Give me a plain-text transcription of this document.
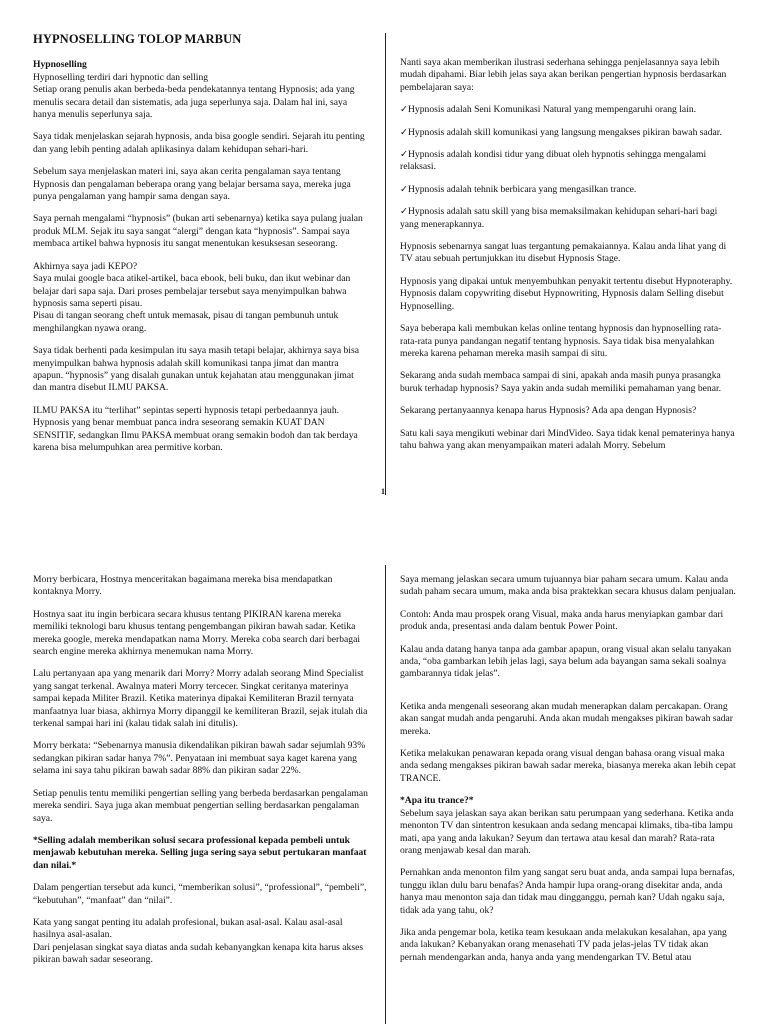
HYPNOSELLING TOLOP MARBUN

Hypnoselling

Hypnoselling terdiri dari hypnotic dan selling

Setiap orang penulis akan berbeda-beda pendekatannya tentang Hypnosis; ada yang menulis secara detail dan sistematis, ada juga seperlunya saja. Dalam hal ini, saya hanya menulis seperlunya saja.

Saya tidak menjelaskan sejarah hypnosis, anda bisa google sendiri. Sejarah itu penting dan yang lebih penting adalah aplikasinya dalam kehidupan sehari-hari.

Sebelum saya menjelaskan materi ini, saya akan cerita pengalaman saya tentang Hypnosis dan pengalaman beberapa orang yang belajar bersama saya, mereka juga punya pengalaman yang hampir sama dengan saya.

Saya pernah mengalami “hypnosis” (bukan arti sebenarnya) ketika saya pulang jualan produk MLM. Sejak itu saya sangat “alergi” dengan kata “hypnosis”. Sampai saya membaca artikel bahwa hypnosis itu sangat menentukan kesuksesan seseorang.

Akhirnya saya jadi KEPO?

Saya mulai google baca atikel-artikel, baca ebook, beli buku, dan ikut webinar dan belajar dari sapa saja. Dari proses pembelajar tersebut saya menyimpulkan bahwa hypnosis sama seperti pisau.

Pisau di tangan seorang cheft untuk memasak, pisau di tangan pembunuh untuk menghilangkan nyawa orang.

Saya tidak berhenti pada kesimpulan itu saya masih tetapi belajar, akhirnya saya bisa menyimpulkan bahwa hypnosis adalah skill komunikasi tanpa jimat dan mantra apapun. “hypnosis” yang disalah gunakan untuk kejahatan atau menggunakan jimat dan mantra disebut ILMU PAKSA.

ILMU PAKSA itu “terlihat” sepintas seperti hypnosis tetapi perbedaannya jauh. Hypnosis yang benar membuat panca indra seseorang semakin KUAT DAN SENSITIF, sedangkan Ilmu PAKSA membuat orang semakin bodoh dan tak berdaya karena bisa melumpuhkan area permitive korban.

Nanti saya akan memberikan ilustrasi sederhana sehingga penjelasannya saya lebih mudah dipahami. Biar lebih jelas saya akan berikan pengertian hypnosis berdasarkan pembelajaran saya:

✓Hypnosis adalah Seni Komunikasi Natural yang mempengaruhi orang lain.

✓Hypnosis adalah skill komunikasi yang langsung mengakses pikiran bawah sadar.

✓Hypnosis adalah kondisi tidur yang dibuat oleh hypnotis sehingga mengalami relaksasi.

✓Hypnosis adalah tehnik berbicara yang mengasilkan trance.

✓Hypnosis adalah satu skill yang bisa memaksilmakan kehidupan sehari-hari bagi yang menerapkannya.

Hypnosis sebenarnya sangat luas tergantung pemakaiannya. Kalau anda lihat yang di TV atau sebuah pertunjukkan itu disebut Hypnosis Stage.

Hypnosis yang dipakai untuk menyembuhkan penyakit tertentu disebut Hypnoteraphy.

Hypnosis dalam copywriting disebut Hypnowriting, Hypnosis dalam Selling disebut Hypnoselling.

Saya beberapa kali membukan kelas online tentang hypnosis dan hypnoselling rata-rata-rata punya pandangan negatif tentang hypnosis. Saya tidak bisa menyalahkan mereka karena pehaman mereka masih sampai di situ.

Sekarang anda sudah membaca sampai di sini, apakah anda masih punya prasangka buruk terhadap hypnosis? Saya yakin anda sudah memiliki pemahaman yang benar.

Sekarang pertanyaannya kenapa harus Hypnosis? Ada apa dengan Hypnosis?

Satu kali saya mengikuti webinar dari MindVideo. Saya tidak kenal pematerinya hanya tahu bahwa yang akan menyampaikan materi adalah Morry. Sebelum

1

Morry berbicara, Hostnya menceritakan bagaimana mereka bisa mendapatkan kontaknya Morry.

Hostnya saat itu ingin berbicara secara khusus tentang PIKIRAN karena mereka memiliki teknologi baru khusus tentang pengembangan pikiran bawah sadar. Ketika mereka google, mereka mendapatkan nama Morry. Mereka coba search dari berbagai search engine mereka akhirnya menemukan nama Morry.

Lalu pertanyaan apa yang menarik dari Morry? Morry adalah seorang Mind Specialist yang sangat terkenal. Awalnya materi Morry tercecer. Singkat ceritanya materinya sampai kepada Militer Brazil. Ketika materinya dipakai Kemiliteran Brazil ternyata manfaatnya luar biasa, akhirnya Morry dipanggil ke kemiliteran Brazil, sejak itulah dia terkenal sampai hari ini (kalau tidak salah ini ditulis).

Morry berkata: “Sebenarnya manusia dikendalikan pikiran bawah sadar sejumlah 93% sedangkan pikiran sadar hanya 7%”. Penyataan ini membuat saya kaget karena yang selama ini saya tahu pikiran bawah sadar 88% dan pikiran sadar 22%.

Setiap penulis tentu memiliki pengertian selling yang berbeda berdasarkan pengalaman mereka sendiri. Saya juga akan membuat pengertian selling berdasarkan pengalaman saya.

*Selling adalah memberikan solusi secara professional kepada pembeli untuk menjawab kebutuhan mereka. Selling juga sering saya sebut pertukaran manfaat dan nilai.*

Dalam pengertian tersebut ada kunci, “memberikan solusi”, “professional”, “pembeli”, “kebutuhan”, “manfaat” dan “nilai”.

Kata yang sangat penting itu adalah profesional, bukan asal-asal. Kalau asal-asal hasilnya asal-asalan.

Dari penjelasan singkat saya diatas anda sudah kebanyangkan kenapa kita harus akses pikiran bawah sadar seseorang.

Saya memang jelaskan secara umum tujuannya biar paham secara umum. Kalau anda sudah paham secara umum, maka anda bisa praktekkan secara khusus dalam penjualan.

Contoh: Anda mau prospek orang Visual, maka anda harus menyiapkan gambar dari produk anda, presentasi anda dalam bentuk Power Point.

Kalau anda datang hanya tanpa ada gambar apapun, orang visual akan selalu tanyakan anda, “oba gambarkan lebih jelas lagi, saya belum ada bayangan sama sekali soalnya gambarannya tidak jelas”.

Ketika anda mengenali seseorang akan mudah menerapkan dalam percakapan. Orang akan sangat mudah anda pengaruhi. Anda akan mudah mengakses pikiran bawah sadar mereka.

Ketika melakukan penawaran kepada orang visual dengan bahasa orang visual maka anda sedang mengakses pikiran bawah sadar mereka, biasanya mereka akan lebih cepat TRANCE.

*Apa itu trance?*

Sebelum saya jelaskan saya akan berikan satu perumpaan yang sederhana. Ketika anda menonton TV dan sintentron kesukaan anda sedang mencapai klimaks, tiba-tiba lampu mati, apa yang anda lakukan? Seyum dan tertawa atau kesal dan marah? Rata-rata orang menjawab kesal dan marah.

Pernahkan anda menonton film yang sangat seru buat anda, anda sampai lupa bernafas, tunggu iklan dulu baru benafas? Anda hampir lupa orang-orang disekitar anda, anda hanya mau menonton saja dan tidak mau dingganggu, pernah kan? Udah ngaku saja, tidak ada yang tahu, ok?

Jika anda pengemar bola, ketika team kesukaan anda melakukan kesalahan, apa yang anda lakukan? Kebanyakan orang menasehati TV pada jelas-jelas TV tidak akan pernah mendengarkan anda, hanya anda yang mendengarkan TV. Betul atau
